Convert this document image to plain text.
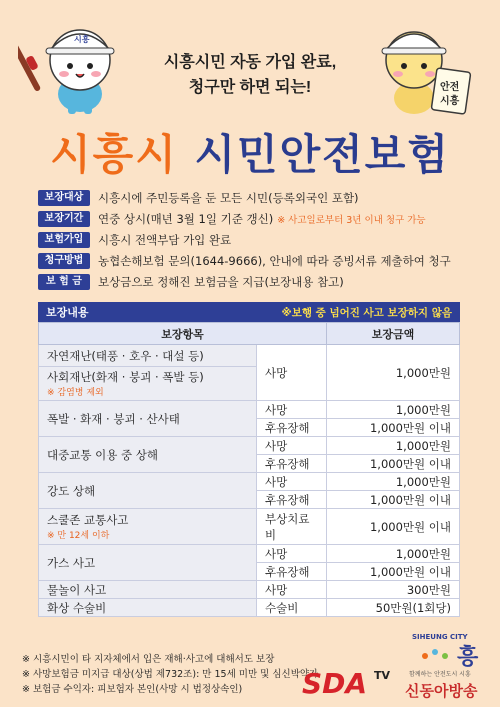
시흥
시흥시민 자동 가입 완료,
청구만 하면 되는!	안전
시흥
시흥시 시민안전보험
보장대상	시흥시에 주민등록을 둔 모든 시민(등록외국인 포함)
보장기간	연중 상시(매년 3월 1일 기준 갱신) ※ 사고일로부터 3년 이내 청구 가능
보험가입	시흥시 전액부담 가입 완료
청구방법	농협손해보험 문의(1644-9666), 안내에 따라 증빙서류 제출하여 청구
보 험 금	보상금으로 정해진 보험금을 지급(보장내용 참고)
보장내용	※보행 중 넘어진 사고 보장하지 않음
보장항목		보장금액

자연재난(태풍 · 호우 · 대설 등)	사망	1,000만원

사회재난(화재 · 붕괴 · 폭발 등)
※ 감염병 제외		

폭발 · 화재 · 붕괴 · 산사태	사망	1,000만원
	후유장해	1,000만원 이내
대중교통 이용 중 상해	사망	1,000만원
	후유장해	1,000만원 이내
강도 상해	사망	1,000만원
	후유장해	1,000만원 이내

스쿨존 교통사고
※ 만 12세 이하	부상치료비	1,000만원 이내
가스 사고	사망	1,000만원
	후유장해	1,000만원 이내
물놀이 사고	사망	300만원
화상 수술비	수술비	50만원(1회당)
※ 시흥시민이 타 지자체에서 입은 재해·사고에 대해서도 보장
※ 사망보험금 미지급 대상(상법 제732조): 만 15세 미만 및 심신박약자
※ 보험금 수익자: 피보험자 본인(사망 시 법정상속인)	SDA TV
SIHEUNG CITY
흥
함께하는 안전도시 시흥
신동아방송
